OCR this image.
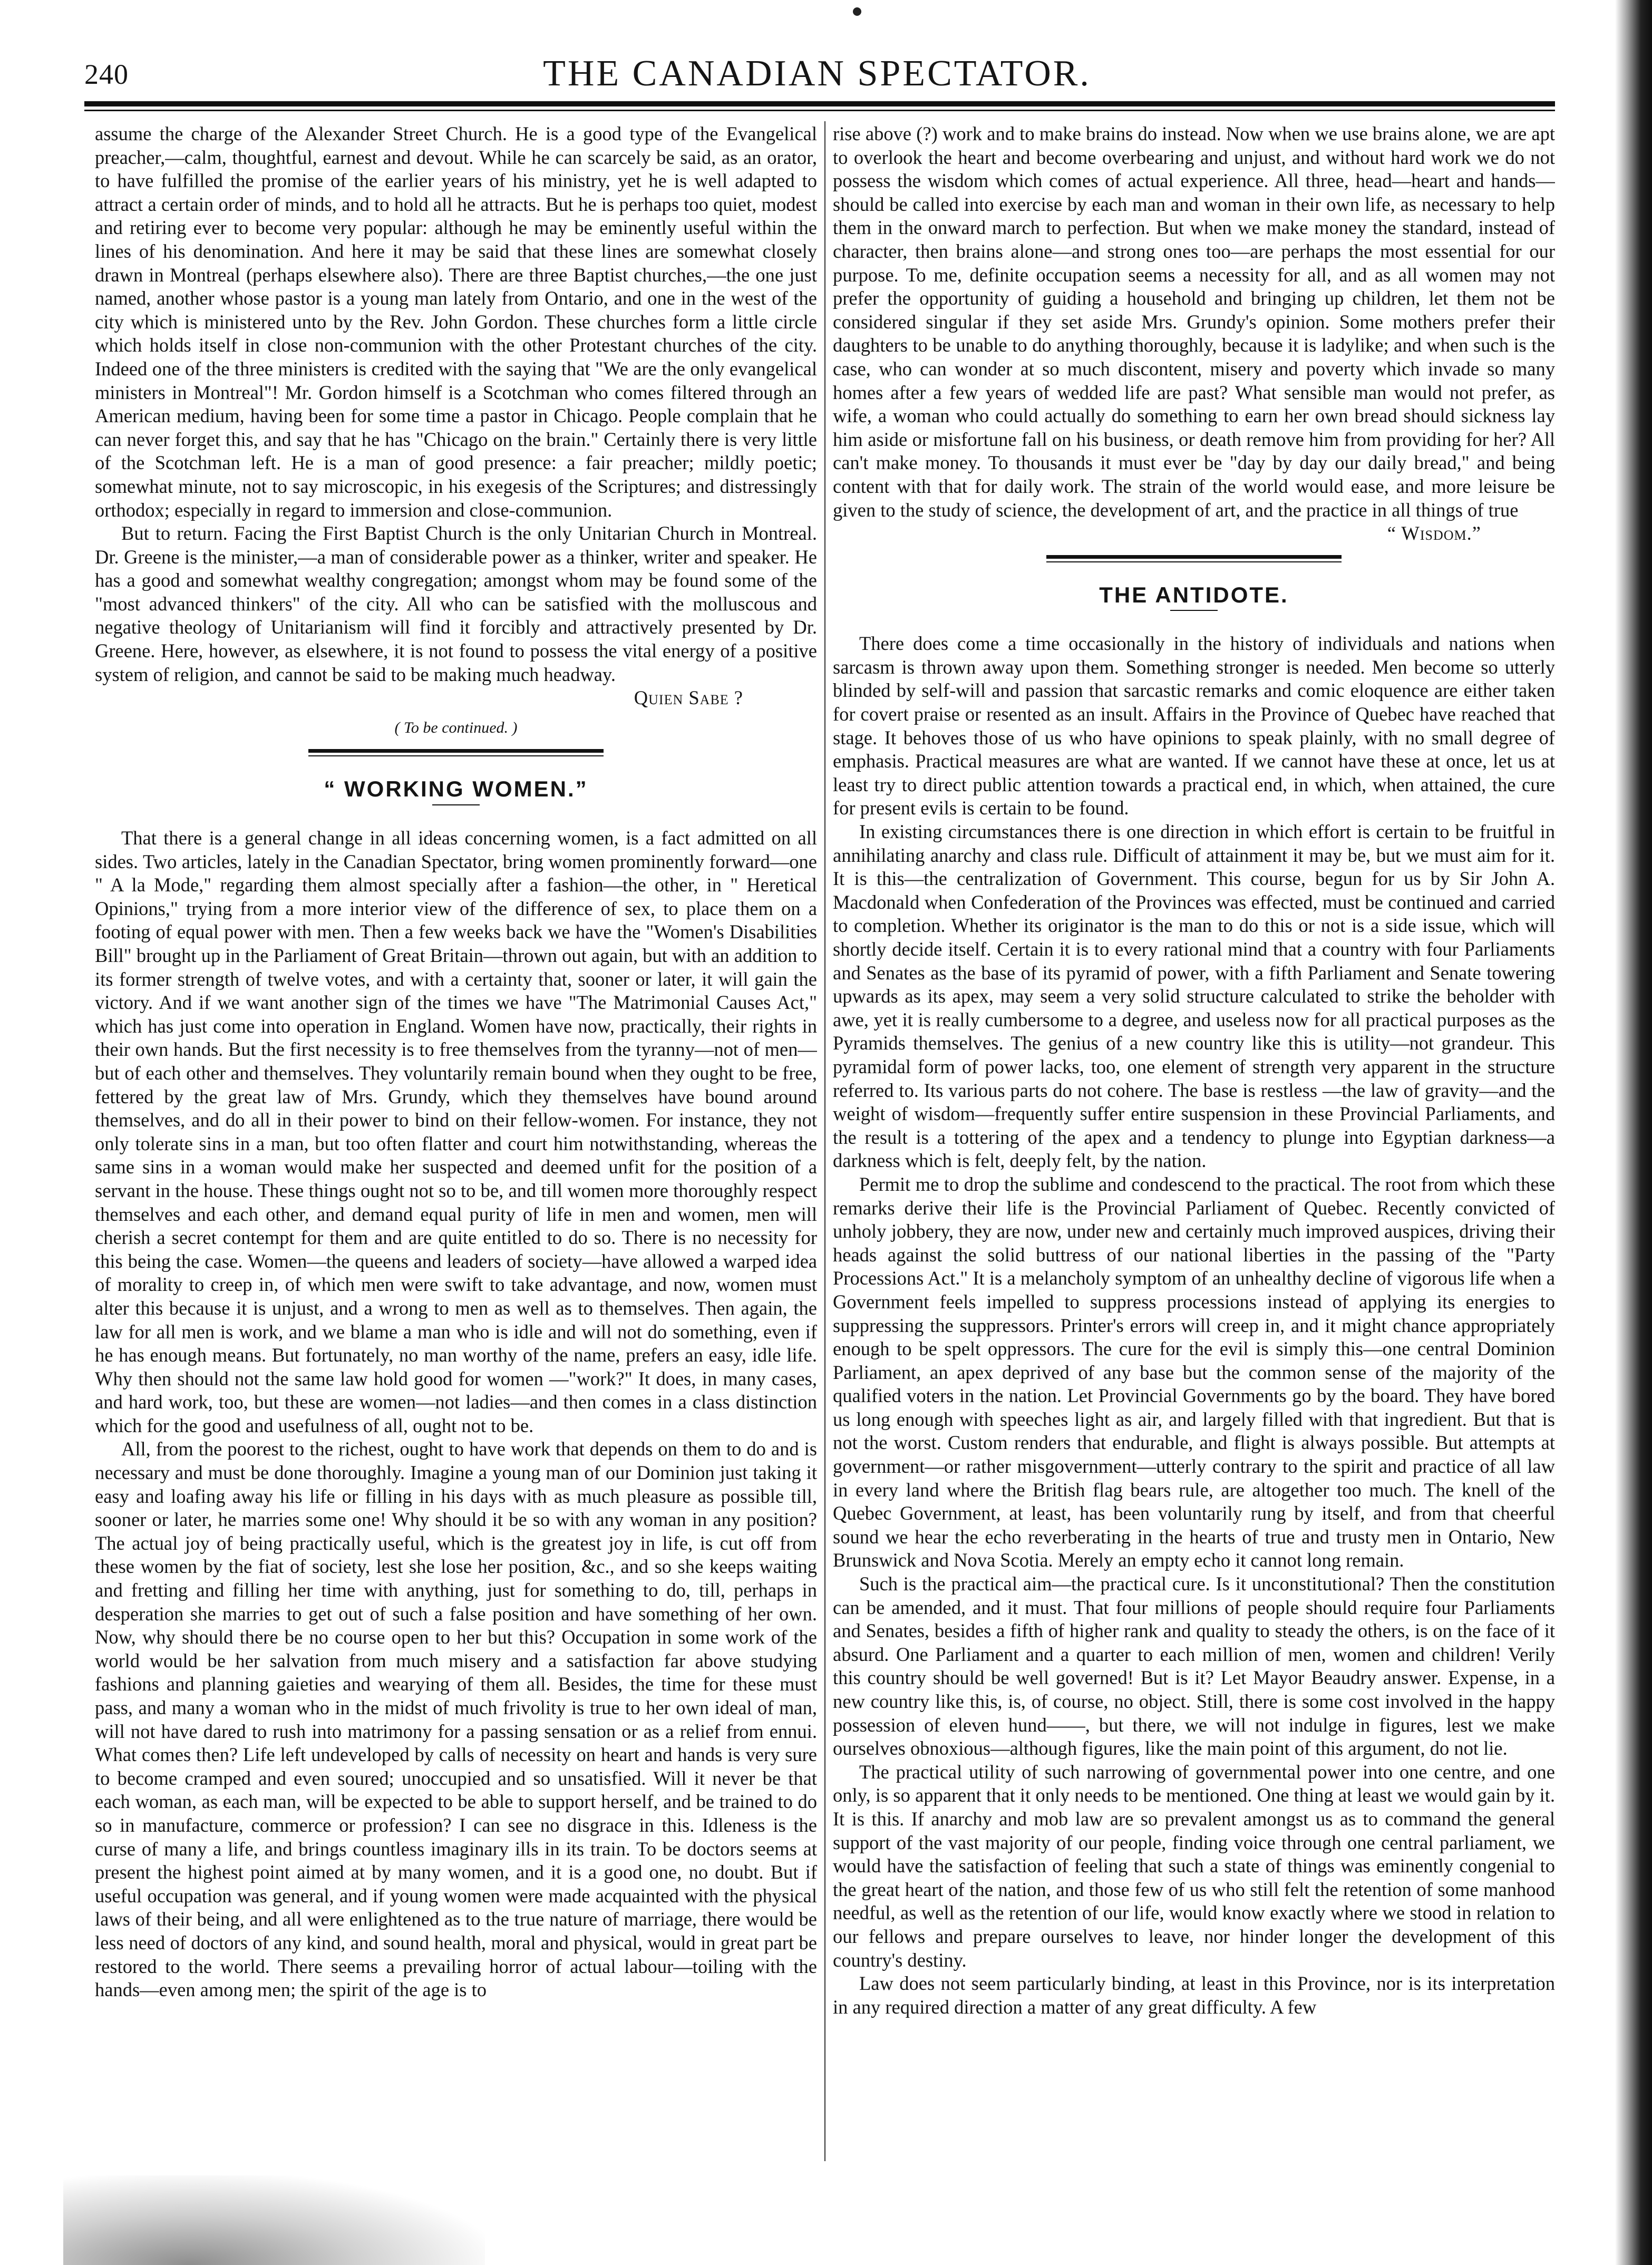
240	THE CANADIAN SPECTATOR.

assume the charge of the Alexander Street Church. He is a good type of the Evangelical preacher,—calm, thoughtful, earnest and devout. While he can scarcely be said, as an orator, to have fulfilled the promise of the earlier years of his ministry, yet he is well adapted to attract a certain order of minds, and to hold all he attracts. But he is perhaps too quiet, modest and retiring ever to become very popular: although he may be eminently useful within the lines of his denomination. And here it may be said that these lines are somewhat closely drawn in Montreal (perhaps elsewhere also). There are three Baptist churches,—the one just named, another whose pastor is a young man lately from Ontario, and one in the west of the city which is ministered unto by the Rev. John Gordon. These churches form a little circle which holds itself in close non-communion with the other Protestant churches of the city. Indeed one of the three ministers is credited with the saying that "We are the only evangelical ministers in Montreal"! Mr. Gordon himself is a Scotchman who comes filtered through an American medium, having been for some time a pastor in Chicago. People complain that he can never forget this, and say that he has "Chicago on the brain." Certainly there is very little of the Scotchman left. He is a man of good presence: a fair preacher; mildly poetic; somewhat minute, not to say microscopic, in his exegesis of the Scriptures; and distressingly orthodox; especially in regard to immersion and close-communion.

But to return. Facing the First Baptist Church is the only Unitarian Church in Montreal. Dr. Greene is the minister,—a man of considerable power as a thinker, writer and speaker. He has a good and somewhat wealthy congregation; amongst whom may be found some of the "most advanced thinkers" of the city. All who can be satisfied with the molluscous and negative theology of Unitarianism will find it forcibly and attractively presented by Dr. Greene. Here, however, as elsewhere, it is not found to possess the vital energy of a positive system of religion, and cannot be said to be making much headway.

Quien Sabe ?
( To be continued. )
“ WORKING WOMEN.”

That there is a general change in all ideas concerning women, is a fact admitted on all sides. Two articles, lately in the Canadian Spectator, bring women prominently forward—one " A la Mode," regarding them almost specially after a fashion—the other, in " Heretical Opinions," trying from a more interior view of the difference of sex, to place them on a footing of equal power with men. Then a few weeks back we have the "Women's Disabilities Bill" brought up in the Parliament of Great Britain—thrown out again, but with an addition to its former strength of twelve votes, and with a certainty that, sooner or later, it will gain the victory. And if we want another sign of the times we have "The Matrimonial Causes Act," which has just come into operation in England. Women have now, practically, their rights in their own hands. But the first necessity is to free themselves from the tyranny—not of men—but of each other and themselves. They voluntarily remain bound when they ought to be free, fettered by the great law of Mrs. Grundy, which they themselves have bound around themselves, and do all in their power to bind on their fellow-women. For instance, they not only tolerate sins in a man, but too often flatter and court him notwithstanding, whereas the same sins in a woman would make her suspected and deemed unfit for the position of a servant in the house. These things ought not so to be, and till women more thoroughly respect themselves and each other, and demand equal purity of life in men and women, men will cherish a secret contempt for them and are quite entitled to do so. There is no necessity for this being the case. Women—the queens and leaders of society—have allowed a warped idea of morality to creep in, of which men were swift to take advantage, and now, women must alter this because it is unjust, and a wrong to men as well as to themselves. Then again, the law for all men is work, and we blame a man who is idle and will not do something, even if he has enough means. But fortunately, no man worthy of the name, prefers an easy, idle life. Why then should not the same law hold good for women —"work?" It does, in many cases, and hard work, too, but these are women—not ladies—and then comes in a class distinction which for the good and usefulness of all, ought not to be.

All, from the poorest to the richest, ought to have work that depends on them to do and is necessary and must be done thoroughly. Imagine a young man of our Dominion just taking it easy and loafing away his life or filling in his days with as much pleasure as possible till, sooner or later, he marries some one! Why should it be so with any woman in any position? The actual joy of being practically useful, which is the greatest joy in life, is cut off from these women by the fiat of society, lest she lose her position, &c., and so she keeps waiting and fretting and filling her time with anything, just for something to do, till, perhaps in desperation she marries to get out of such a false position and have something of her own. Now, why should there be no course open to her but this? Occupation in some work of the world would be her salvation from much misery and a satisfaction far above studying fashions and planning gaieties and wearying of them all. Besides, the time for these must pass, and many a woman who in the midst of much frivolity is true to her own ideal of man, will not have dared to rush into matrimony for a passing sensation or as a relief from ennui. What comes then? Life left undeveloped by calls of necessity on heart and hands is very sure to become cramped and even soured; unoccupied and so unsatisfied. Will it never be that each woman, as each man, will be expected to be able to support herself, and be trained to do so in manufacture, commerce or profession? I can see no disgrace in this. Idleness is the curse of many a life, and brings countless imaginary ills in its train. To be doctors seems at present the highest point aimed at by many women, and it is a good one, no doubt. But if useful occupation was general, and if young women were made acquainted with the physical laws of their being, and all were enlightened as to the true nature of marriage, there would be less need of doctors of any kind, and sound health, moral and physical, would in great part be restored to the world. There seems a prevailing horror of actual labour—toiling with the hands—even among men; the spirit of the age is to

rise above (?) work and to make brains do instead. Now when we use brains alone, we are apt to overlook the heart and become overbearing and unjust, and without hard work we do not possess the wisdom which comes of actual experience. All three, head—heart and hands—should be called into exercise by each man and woman in their own life, as necessary to help them in the onward march to perfection. But when we make money the standard, instead of character, then brains alone—and strong ones too—are perhaps the most essential for our purpose. To me, definite occupation seems a necessity for all, and as all women may not prefer the opportunity of guiding a household and bringing up children, let them not be considered singular if they set aside Mrs. Grundy's opinion. Some mothers prefer their daughters to be unable to do anything thoroughly, because it is ladylike; and when such is the case, who can wonder at so much discontent, misery and poverty which invade so many homes after a few years of wedded life are past? What sensible man would not prefer, as wife, a woman who could actually do something to earn her own bread should sickness lay him aside or misfortune fall on his business, or death remove him from providing for her? All can't make money. To thousands it must ever be "day by day our daily bread," and being content with that for daily work. The strain of the world would ease, and more leisure be given to the study of science, the development of art, and the practice in all things of true

“ Wisdom.”
THE ANTIDOTE.

There does come a time occasionally in the history of individuals and nations when sarcasm is thrown away upon them. Something stronger is needed. Men become so utterly blinded by self-will and passion that sarcastic remarks and comic eloquence are either taken for covert praise or resented as an insult. Affairs in the Province of Quebec have reached that stage. It behoves those of us who have opinions to speak plainly, with no small degree of emphasis. Practical measures are what are wanted. If we cannot have these at once, let us at least try to direct public attention towards a practical end, in which, when attained, the cure for present evils is certain to be found.

In existing circumstances there is one direction in which effort is certain to be fruitful in annihilating anarchy and class rule. Difficult of attainment it may be, but we must aim for it. It is this—the centralization of Government. This course, begun for us by Sir John A. Macdonald when Confederation of the Provinces was effected, must be continued and carried to completion. Whether its originator is the man to do this or not is a side issue, which will shortly decide itself. Certain it is to every rational mind that a country with four Parliaments and Senates as the base of its pyramid of power, with a fifth Parliament and Senate towering upwards as its apex, may seem a very solid structure calculated to strike the beholder with awe, yet it is really cumbersome to a degree, and useless now for all practical purposes as the Pyramids themselves. The genius of a new country like this is utility—not grandeur. This pyramidal form of power lacks, too, one element of strength very apparent in the structure referred to. Its various parts do not cohere. The base is restless —the law of gravity—and the weight of wisdom—frequently suffer entire suspension in these Provincial Parliaments, and the result is a tottering of the apex and a tendency to plunge into Egyptian darkness—a darkness which is felt, deeply felt, by the nation.

Permit me to drop the sublime and condescend to the practical. The root from which these remarks derive their life is the Provincial Parliament of Quebec. Recently convicted of unholy jobbery, they are now, under new and certainly much improved auspices, driving their heads against the solid buttress of our national liberties in the passing of the "Party Processions Act." It is a melancholy symptom of an unhealthy decline of vigorous life when a Government feels impelled to suppress processions instead of applying its energies to suppressing the suppressors. Printer's errors will creep in, and it might chance appropriately enough to be spelt oppressors. The cure for the evil is simply this—one central Dominion Parliament, an apex deprived of any base but the common sense of the majority of the qualified voters in the nation. Let Provincial Governments go by the board. They have bored us long enough with speeches light as air, and largely filled with that ingredient. But that is not the worst. Custom renders that endurable, and flight is always possible. But attempts at government—or rather misgovernment—utterly contrary to the spirit and practice of all law in every land where the British flag bears rule, are altogether too much. The knell of the Quebec Government, at least, has been voluntarily rung by itself, and from that cheerful sound we hear the echo reverberating in the hearts of true and trusty men in Ontario, New Brunswick and Nova Scotia. Merely an empty echo it cannot long remain.

Such is the practical aim—the practical cure. Is it unconstitutional? Then the constitution can be amended, and it must. That four millions of people should require four Parliaments and Senates, besides a fifth of higher rank and quality to steady the others, is on the face of it absurd. One Parliament and a quarter to each million of men, women and children! Verily this country should be well governed! But is it? Let Mayor Beaudry answer. Expense, in a new country like this, is, of course, no object. Still, there is some cost involved in the happy possession of eleven hund——, but there, we will not indulge in figures, lest we make ourselves obnoxious—although figures, like the main point of this argument, do not lie.

The practical utility of such narrowing of governmental power into one centre, and one only, is so apparent that it only needs to be mentioned. One thing at least we would gain by it. It is this. If anarchy and mob law are so prevalent amongst us as to command the general support of the vast majority of our people, finding voice through one central parliament, we would have the satisfaction of feeling that such a state of things was eminently congenial to the great heart of the nation, and those few of us who still felt the retention of some manhood needful, as well as the retention of our life, would know exactly where we stood in relation to our fellows and prepare ourselves to leave, nor hinder longer the development of this country's destiny.

Law does not seem particularly binding, at least in this Province, nor is its interpretation in any required direction a matter of any great difficulty. A few
